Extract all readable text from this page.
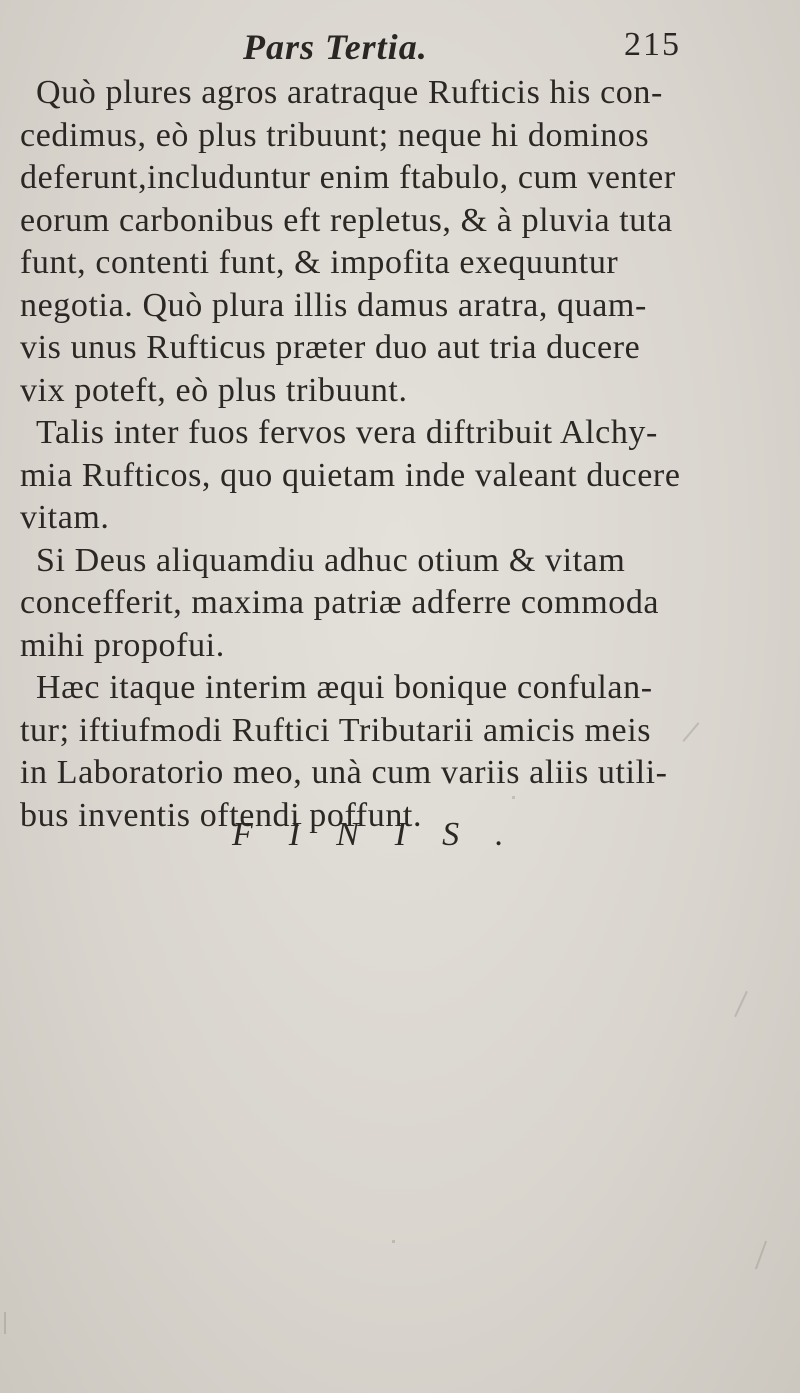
Pars Tertia.	215
Quò plures agros aratraque Rufticis his con-
cedimus, eò plus tribuunt; neque hi dominos
deferunt,includuntur enim ftabulo, cum venter
eorum carbonibus eft repletus, & à pluvia tuta
funt, contenti funt, & impofita exequuntur
negotia. Quò plura illis damus aratra, quam-
vis unus Rufticus præter duo aut tria ducere
vix poteft, eò plus tribuunt.
Talis inter fuos fervos vera diftribuit Alchy-
mia Rufticos, quo quietam inde valeant ducere
vitam.
Si Deus aliquamdiu adhuc otium & vitam
concefferit, maxima patriæ adferre commoda
mihi propofui.
Hæc itaque interim æqui bonique confulan-
tur; iftiufmodi Ruftici Tributarii amicis meis
in Laboratorio meo, unà cum variis aliis utili-
bus inventis oftendi poffunt.
FINIS.
